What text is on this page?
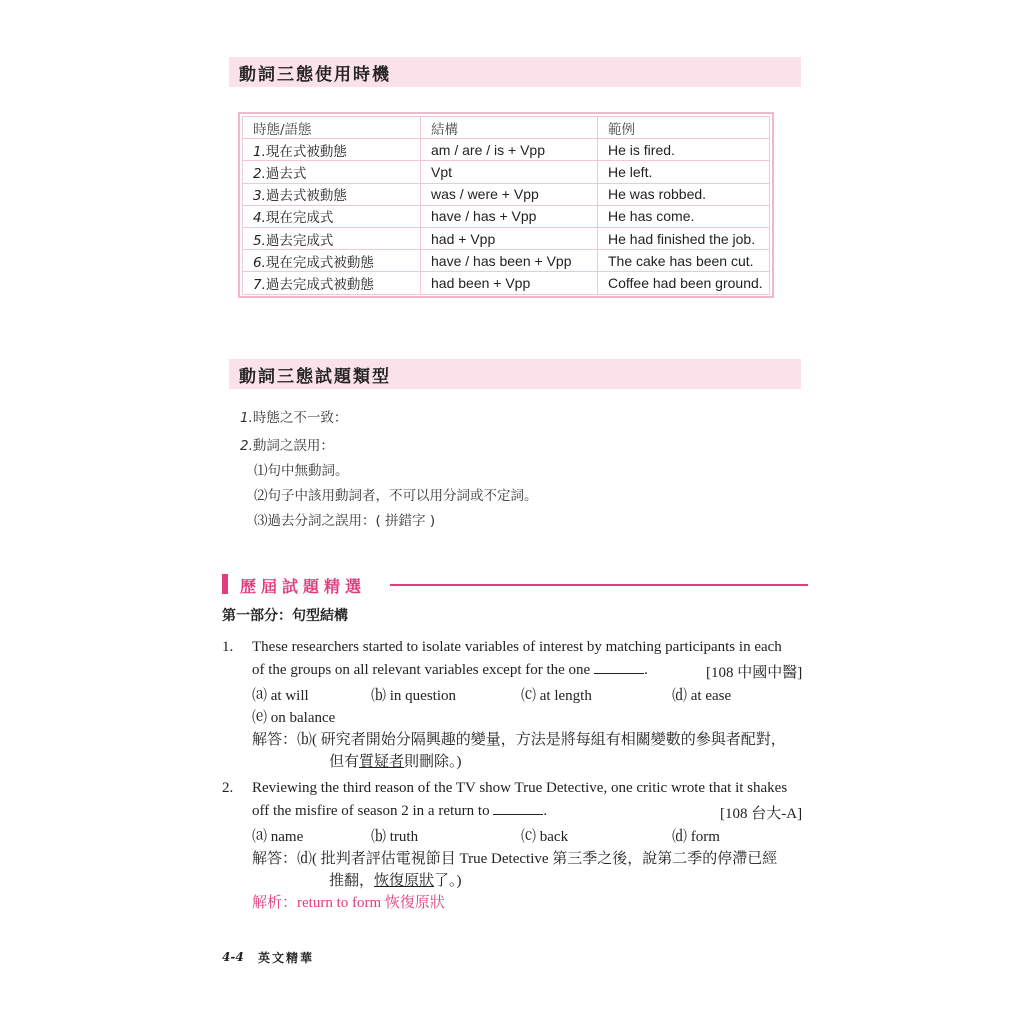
動詞三態使用時機
時態/語態	結構	範例
1.現在式被動態	am / are / is + Vpp	He is fired.
2.過去式	Vpt	He left.
3.過去式被動態	was / were + Vpp	He was robbed.
4.現在完成式	have / has + Vpp	He has come.
5.過去完成式	had + Vpp	He had finished the job.
6.現在完成式被動態	have / has been + Vpp	The cake has been cut.
7.過去完成式被動態	had been + Vpp	Coffee had been ground.
動詞三態試題類型
1.時態之不一致：
2.動詞之誤用：
⑴句中無動詞。
⑵句子中該用動詞者，不可以用分詞或不定詞。
⑶過去分詞之誤用：( 拼錯字 )
歷屆試題精選
第一部分：句型結構
1. These researchers started to isolate variables of interest by matching participants in each
of the groups on all relevant variables except for the one	.	[108 中國中醫]
⒜ at will	⒝ in question	⒞ at length	⒟ at ease
⒠ on balance
解答：⒝( 研究者開始分隔興趣的變量，方法是將每組有相關變數的參與者配對，
但有質疑者則刪除。)
2. Reviewing the third reason of the TV show True Detective, one critic wrote that it shakes
off the misfire of season 2 in a return to	.	[108 台大-A]
⒜ name	⒝ truth	⒞ back	⒟ form
解答：⒟( 批判者評估電視節目 True Detective 第三季之後，說第二季的停滯已經
推翻，恢復原狀了。)
解析：return to form 恢復原狀
4-4 英文精華
